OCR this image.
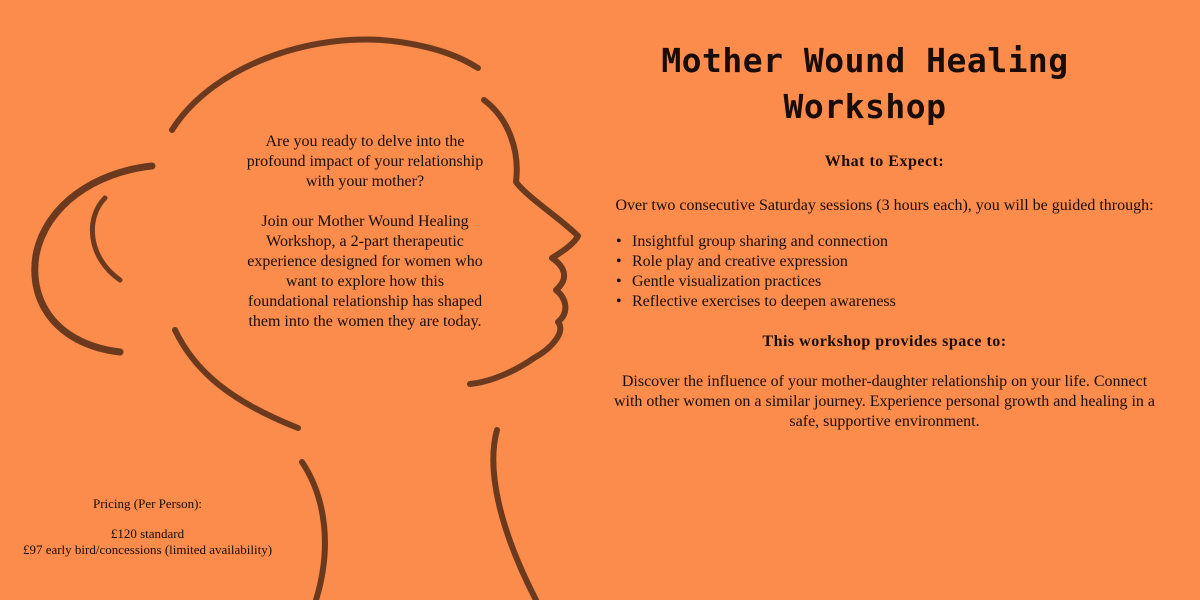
Are you ready to delve into the profound impact of your relationship with your mother?

Join our Mother Wound Healing Workshop, a 2-part therapeutic experience designed for women who want to explore how this foundational relationship has shaped them into the women they are today.

Pricing (Per Person):

£120 standard

£97 early bird/concessions (limited availability)

Mother Wound Healing Workshop
What to Expect:

Over two consecutive Saturday sessions (3 hours each), you will be guided through:

• Insightful group sharing and connection
• Role play and creative expression
• Gentle visualization practices
• Reflective exercises to deepen awareness
This workshop provides space to:

Discover the influence of your mother-daughter relationship on your life. Connect with other women on a similar journey. Experience personal growth and healing in a safe, supportive environment.
